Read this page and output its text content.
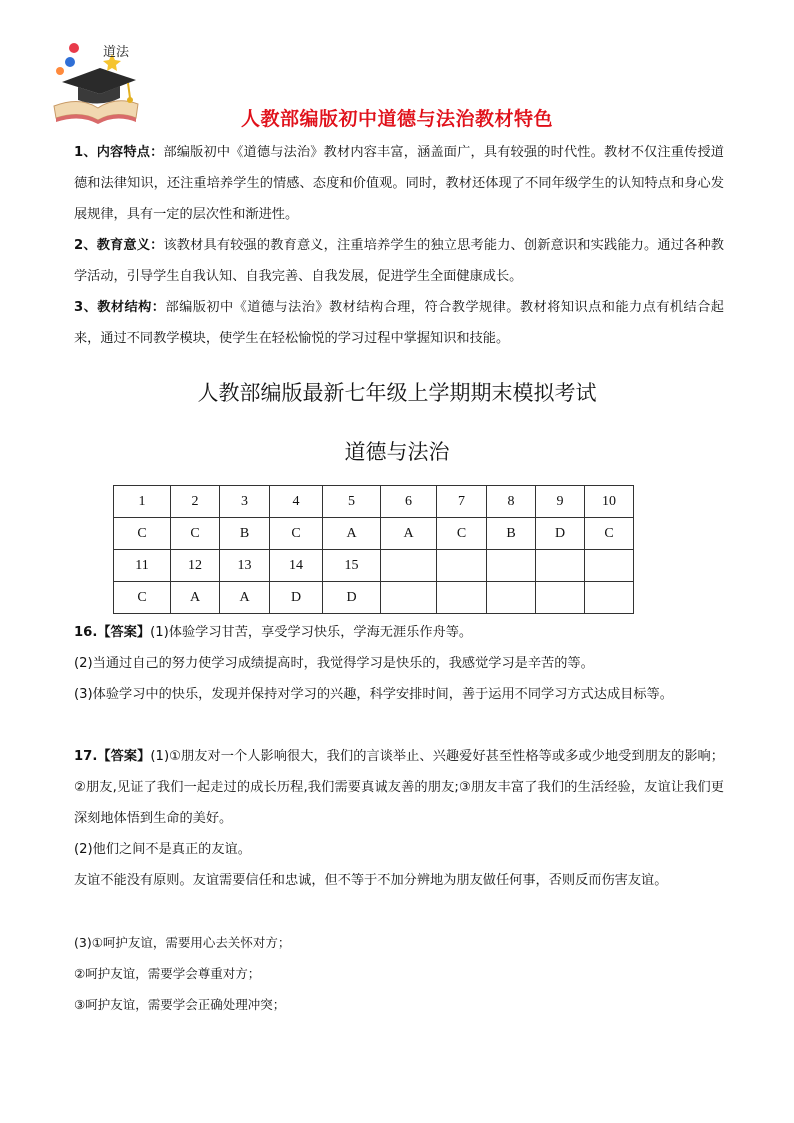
道法
人教部编版初中道德与法治教材特色

1、内容特点：部编版初中《道德与法治》教材内容丰富，涵盖面广，具有较强的时代性。教材不仅注重传授道德和法律知识，还注重培养学生的情感、态度和价值观。同时，教材还体现了不同年级学生的认知特点和身心发展规律，具有一定的层次性和渐进性。

2、教育意义：该教材具有较强的教育意义，注重培养学生的独立思考能力、创新意识和实践能力。通过各种教学活动，引导学生自我认知、自我完善、自我发展，促进学生全面健康成长。

3、教材结构：部编版初中《道德与法治》教材结构合理，符合教学规律。教材将知识点和能力点有机结合起来，通过不同教学模块，使学生在轻松愉悦的学习过程中掌握知识和技能。

人教部编版最新七年级上学期期末模拟考试
道德与法治
1	2	3	4	5	6	7	8	9	10
C	C	B	C	A	A	C	B	D	C
11	12	13	14	15					
C	A	A	D	D					

16.【答案】(1)体验学习甘苦，享受学习快乐，学海无涯乐作舟等。

(2)当通过自己的努力使学习成绩提高时，我觉得学习是快乐的，我感觉学习是辛苦的等。

(3)体验学习中的快乐，发现并保持对学习的兴趣，科学安排时间，善于运用不同学习方式达成目标等。

17.【答案】(1)①朋友对一个人影响很大，我们的言谈举止、兴趣爱好甚至性格等或多或少地受到朋友的影响；②朋友,见证了我们一起走过的成长历程,我们需要真诚友善的朋友;③朋友丰富了我们的生活经验，友谊让我们更深刻地体悟到生命的美好。

(2)他们之间不是真正的友谊。

友谊不能没有原则。友谊需要信任和忠诚，但不等于不加分辨地为朋友做任何事，否则反而伤害友谊。

(3)①呵护友谊，需要用心去关怀对方；

②呵护友谊，需要学会尊重对方；

③呵护友谊，需要学会正确处理冲突；
